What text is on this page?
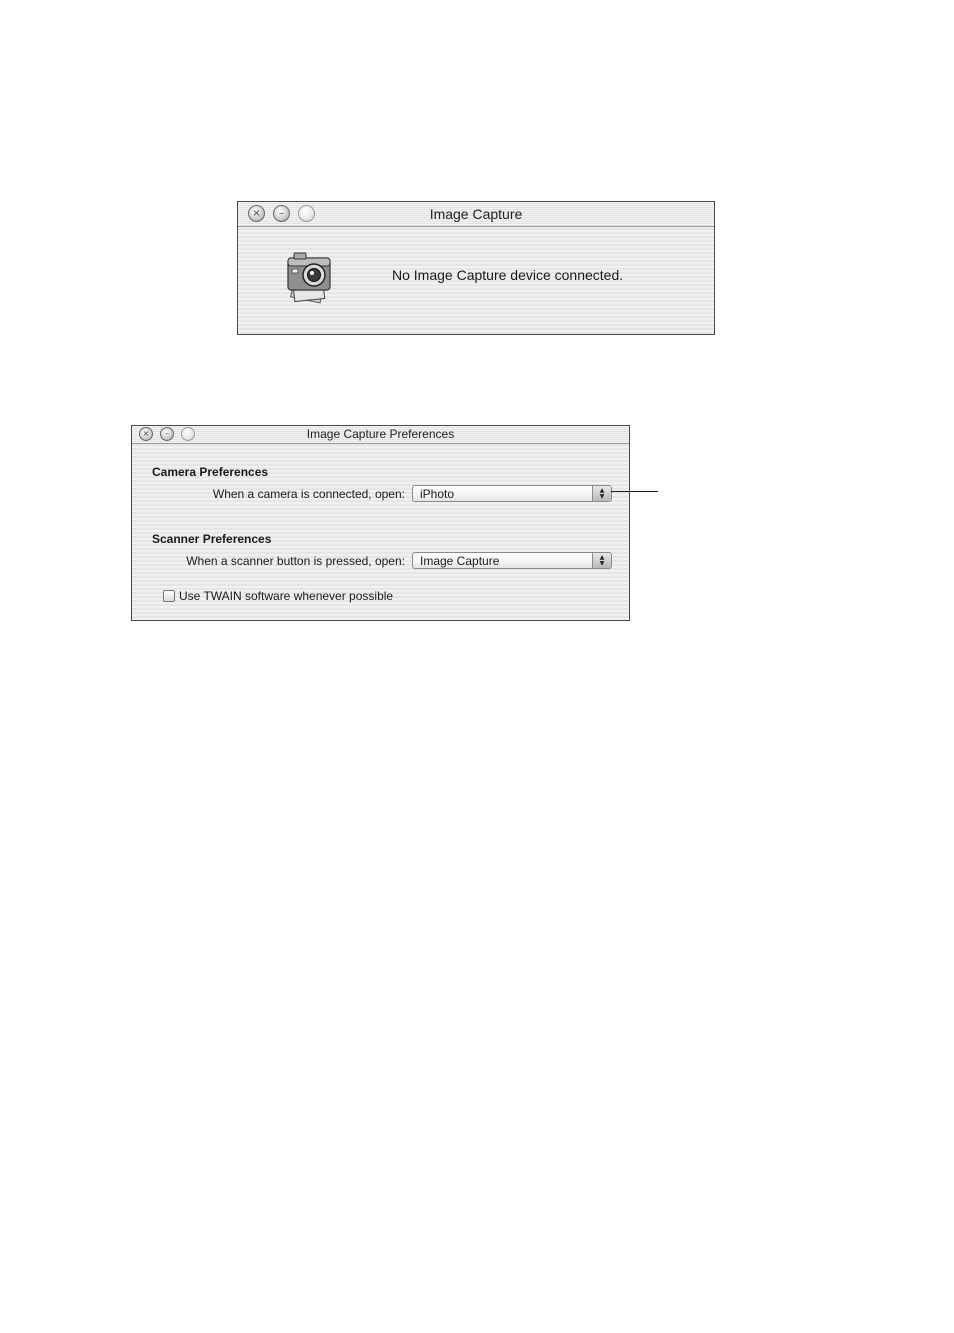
×	–	Image Capture
No Image Capture device connected.
×	–	Image Capture Preferences
Camera Preferences
When a camera is connected, open: iPhoto	▲
▼
Scanner Preferences
When a scanner button is pressed, open: Image Capture	▲
▼
Use TWAIN software whenever possible
